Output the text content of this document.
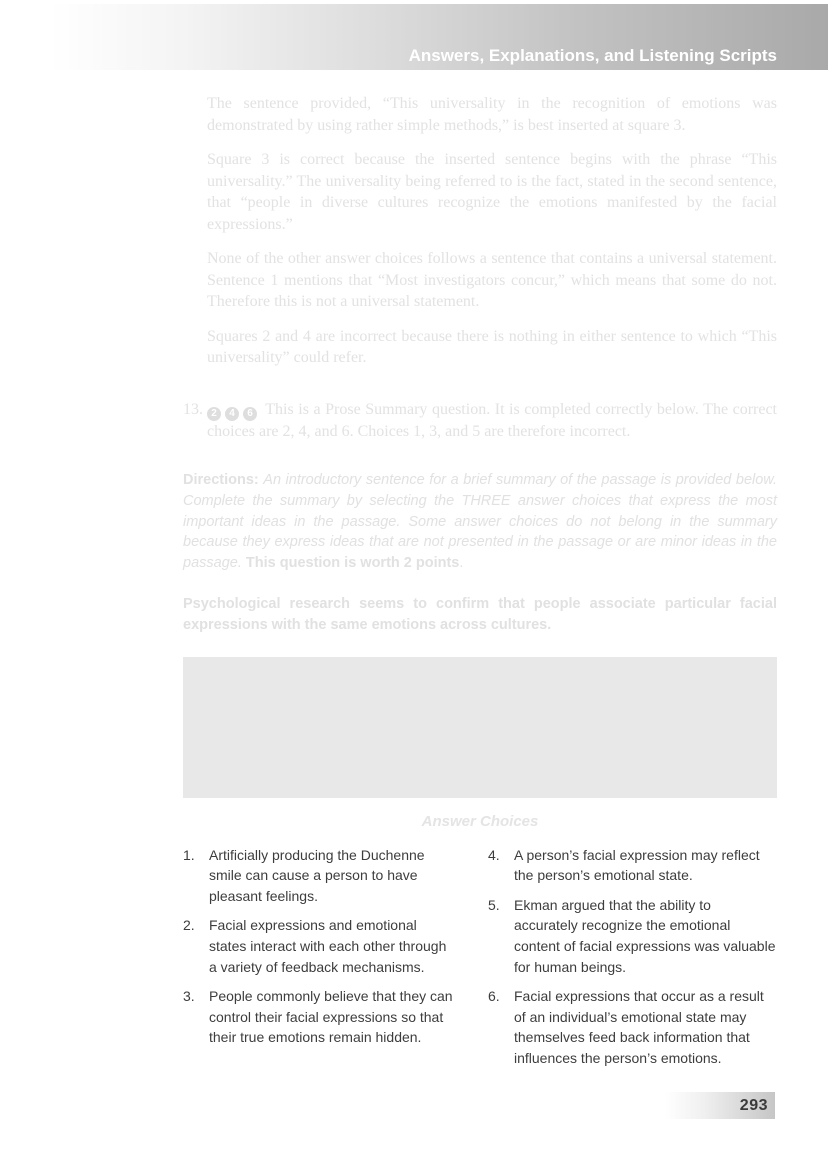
Answers, Explanations, and Listening Scripts

The sentence provided, “This universality in the recognition of emotions was demonstrated by using rather simple methods,” is best inserted at square 3.

Square 3 is correct because the inserted sentence begins with the phrase “This universality.” The universality being referred to is the fact, stated in the second sentence, that “people in diverse cultures recognize the emotions manifested by the facial expressions.”

None of the other answer choices follows a sentence that contains a universal statement. Sentence 1 mentions that “Most investigators concur,” which means that some do not. Therefore this is not a universal statement.

Squares 2 and 4 are incorrect because there is nothing in either sentence to which “This universality” could refer.

13. 2 4 6 This is a Prose Summary question. It is completed correctly below. The correct choices are 2, 4, and 6. Choices 1, 3, and 5 are therefore incorrect.

Directions: An introductory sentence for a brief summary of the passage is provided below. Complete the summary by selecting the THREE answer choices that express the most important ideas in the passage. Some answer choices do not belong in the summary because they express ideas that are not presented in the passage or are minor ideas in the passage. This question is worth 2 points.

Psychological research seems to confirm that people associate particular facial expressions with the same emotions across cultures.

Answer Choices
1.	Artificially producing the Duchenne smile can cause a person to have pleasant feelings.
2.	Facial expressions and emotional states interact with each other through a variety of feedback mechanisms.
3.	People commonly believe that they can control their facial expressions so that their true emotions remain hidden.
4.	A person’s facial expression may reflect the person’s emotional state.
5.	Ekman argued that the ability to accurately recognize the emotional content of facial expressions was valuable for human beings.
6.	Facial expressions that occur as a result of an individual’s emotional state may themselves feed back information that influences the person’s emotions.
293
